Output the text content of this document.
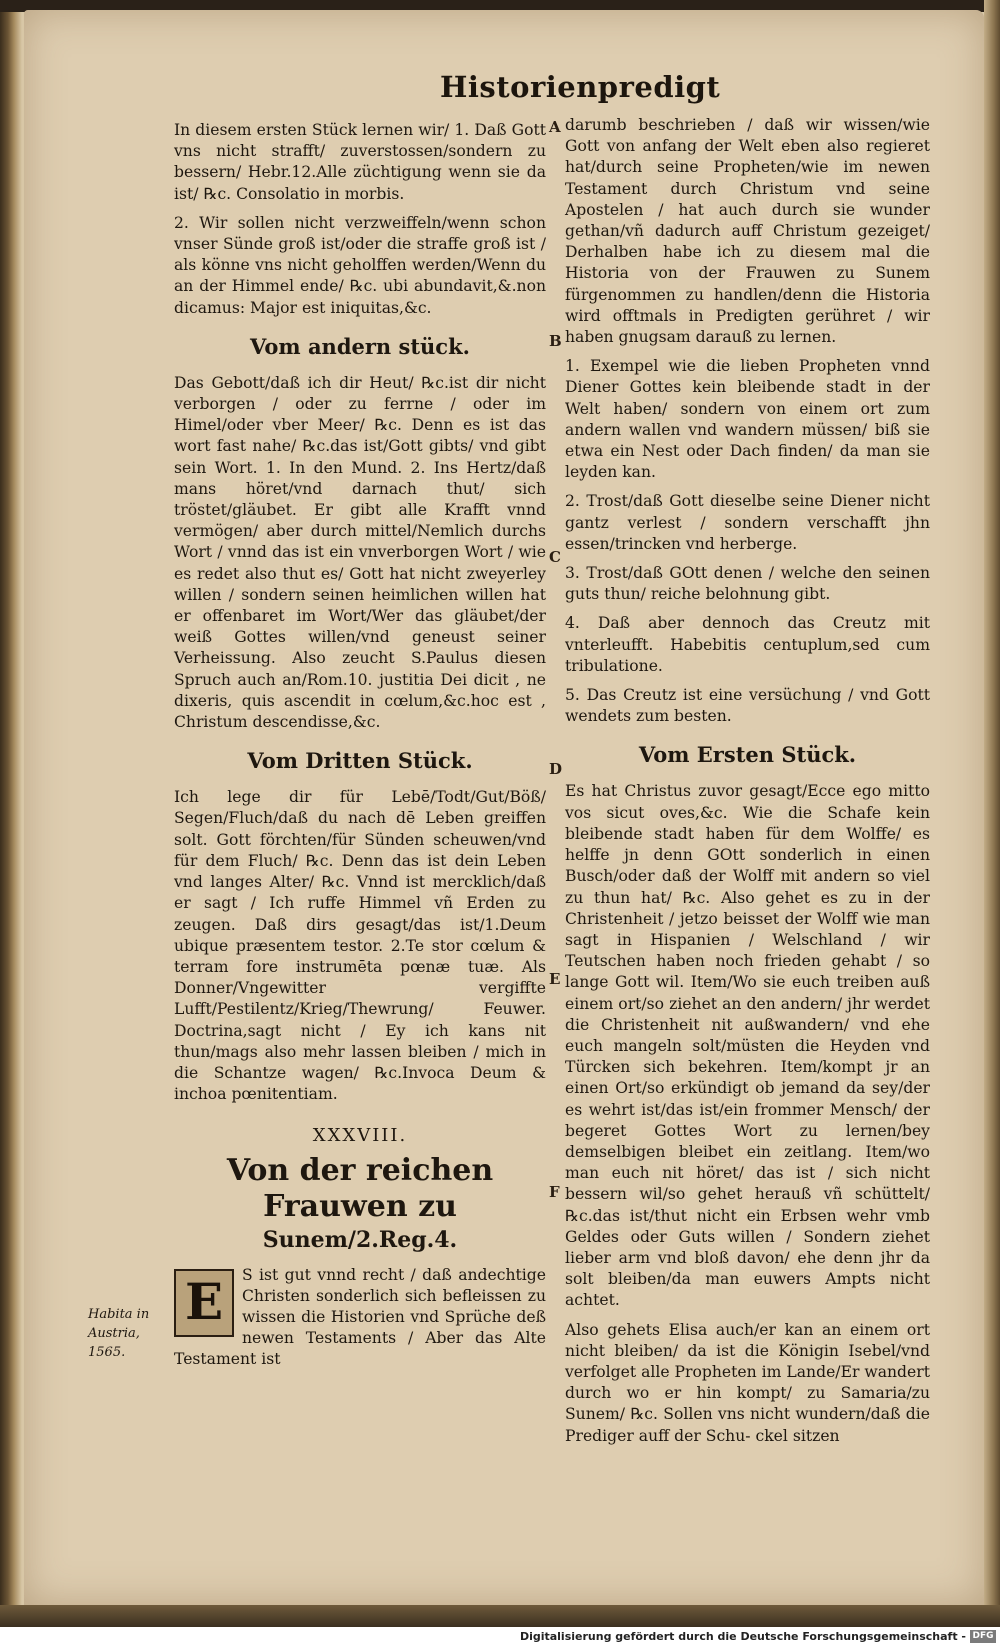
Historienpredigt

In diesem ersten Stück lernen wir/ 1. Daß Gott vns nicht strafft/ zuverstossen/sondern zu bessern/ Hebr.12.Alle züchtigung wenn sie da ist/ ℞c. Consolatio in morbis.

2. Wir sollen nicht verzweiffeln/wenn schon vnser Sünde groß ist/oder die straffe groß ist / als könne vns nicht geholffen werden/Wenn du an der Himmel ende/ ℞c. ubi abundavit,&.non dicamus: Major est iniquitas,&c.

Vom andern stück.

Das Gebott/daß ich dir Heut/ ℞c.ist dir nicht verborgen / oder zu ferrne / oder im Himel/oder vber Meer/ ℞c. Denn es ist das wort fast nahe/ ℞c.das ist/Gott gibts/ vnd gibt sein Wort. 1. In den Mund. 2. Ins Hertz/daß mans höret/vnd darnach thut/ sich tröstet/gläubet. Er gibt alle Krafft vnnd vermögen/ aber durch mittel/Nemlich durchs Wort / vnnd das ist ein vnverborgen Wort / wie es redet also thut es/ Gott hat nicht zweyerley willen / sondern seinen heimlichen willen hat er offenbaret im Wort/Wer das gläubet/der weiß Gottes willen/vnd geneust seiner Verheissung. Also zeucht S.Paulus diesen Spruch auch an/Rom.10. justitia Dei dicit , ne dixeris, quis ascendit in cœlum,&c.hoc est , Christum descendisse,&c.

Vom Dritten Stück.

Ich lege dir für Lebē/Todt/Gut/Böß/ Segen/Fluch/daß du nach dē Leben greiffen solt. Gott förchten/für Sünden scheuwen/vnd für dem Fluch/ ℞c. Denn das ist dein Leben vnd langes Alter/ ℞c. Vnnd ist mercklich/daß er sagt / Ich ruffe Himmel vñ Erden zu zeugen. Daß dirs gesagt/das ist/1.Deum ubique præsentem testor. 2.Te stor cœlum & terram fore instrumēta pœnæ tuæ. Als Donner/Vngewitter vergiffte Lufft/Pestilentz/Krieg/Thewrung/ Feuwer. Doctrina,sagt nicht / Ey ich kans nit thun/mags also mehr lassen bleiben / mich in die Schantze wagen/ ℞c.Invoca Deum & inchoa pœnitentiam.

XXXVIII.
Von der reichen Frauwen zu
Sunem/2.Reg.4.

E	S ist gut vnnd recht / daß andechtige Christen sonderlich sich befleissen zu wissen die Historien vnd Sprüche deß newen Testaments / Aber das Alte Testament ist

darumb beschrieben / daß wir wissen/wie Gott von anfang der Welt eben also regieret hat/durch seine Propheten/wie im newen Testament durch Christum vnd seine Apostelen / hat auch durch sie wunder gethan/vñ dadurch auff Christum gezeiget/ Derhalben habe ich zu diesem mal die Historia von der Frauwen zu Sunem fürgenommen zu handlen/denn die Historia wird offtmals in Predigten gerühret / wir haben gnugsam darauß zu lernen.

1. Exempel wie die lieben Propheten vnnd Diener Gottes kein bleibende stadt in der Welt haben/ sondern von einem ort zum andern wallen vnd wandern müssen/ biß sie etwa ein Nest oder Dach finden/ da man sie leyden kan.

2. Trost/daß Gott dieselbe seine Diener nicht gantz verlest / sondern verschafft jhn essen/trincken vnd herberge.

3. Trost/daß GOtt denen / welche den seinen guts thun/ reiche belohnung gibt.

4. Daß aber dennoch das Creutz mit vnterleufft. Habebitis centuplum,sed cum tribulatione.

5. Das Creutz ist eine versüchung / vnd Gott wendets zum besten.

Vom Ersten Stück.

Es hat Christus zuvor gesagt/Ecce ego mitto vos sicut oves,&c. Wie die Schafe kein bleibende stadt haben für dem Wolffe/ es helffe jn denn GOtt sonderlich in einen Busch/oder daß der Wolff mit andern so viel zu thun hat/ ℞c. Also gehet es zu in der Christenheit / jetzo beisset der Wolff wie man sagt in Hispanien / Welschland / wir Teutschen haben noch frieden gehabt / so lange Gott wil. Item/Wo sie euch treiben auß einem ort/so ziehet an den andern/ jhr werdet die Christenheit nit außwandern/ vnd ehe euch mangeln solt/müsten die Heyden vnd Türcken sich bekehren. Item/kompt jr an einen Ort/so erkündigt ob jemand da sey/der es wehrt ist/das ist/ein frommer Mensch/ der begeret Gottes Wort zu lernen/bey demselbigen bleibet ein zeitlang. Item/wo man euch nit höret/ das ist / sich nicht bessern wil/so gehet herauß vñ schüttelt/ ℞c.das ist/thut nicht ein Erbsen wehr vmb Geldes oder Guts willen / Sondern ziehet lieber arm vnd bloß davon/ ehe denn jhr da solt bleiben/da man euwers Ampts nicht achtet.

Also gehets Elisa auch/er kan an einem ort nicht bleiben/ da ist die Königin Isebel/vnd verfolget alle Propheten im Lande/Er wandert durch wo er hin kompt/ zu Samaria/zu Sunem/ ℞c. Sollen vns nicht wundern/daß die Prediger auff der Schu- ckel sitzen

A
B
C
D
E
F
Habita in Austria, 1565.
Digitalisierung gefördert durch die Deutsche Forschungsgemeinschaft - DFG
